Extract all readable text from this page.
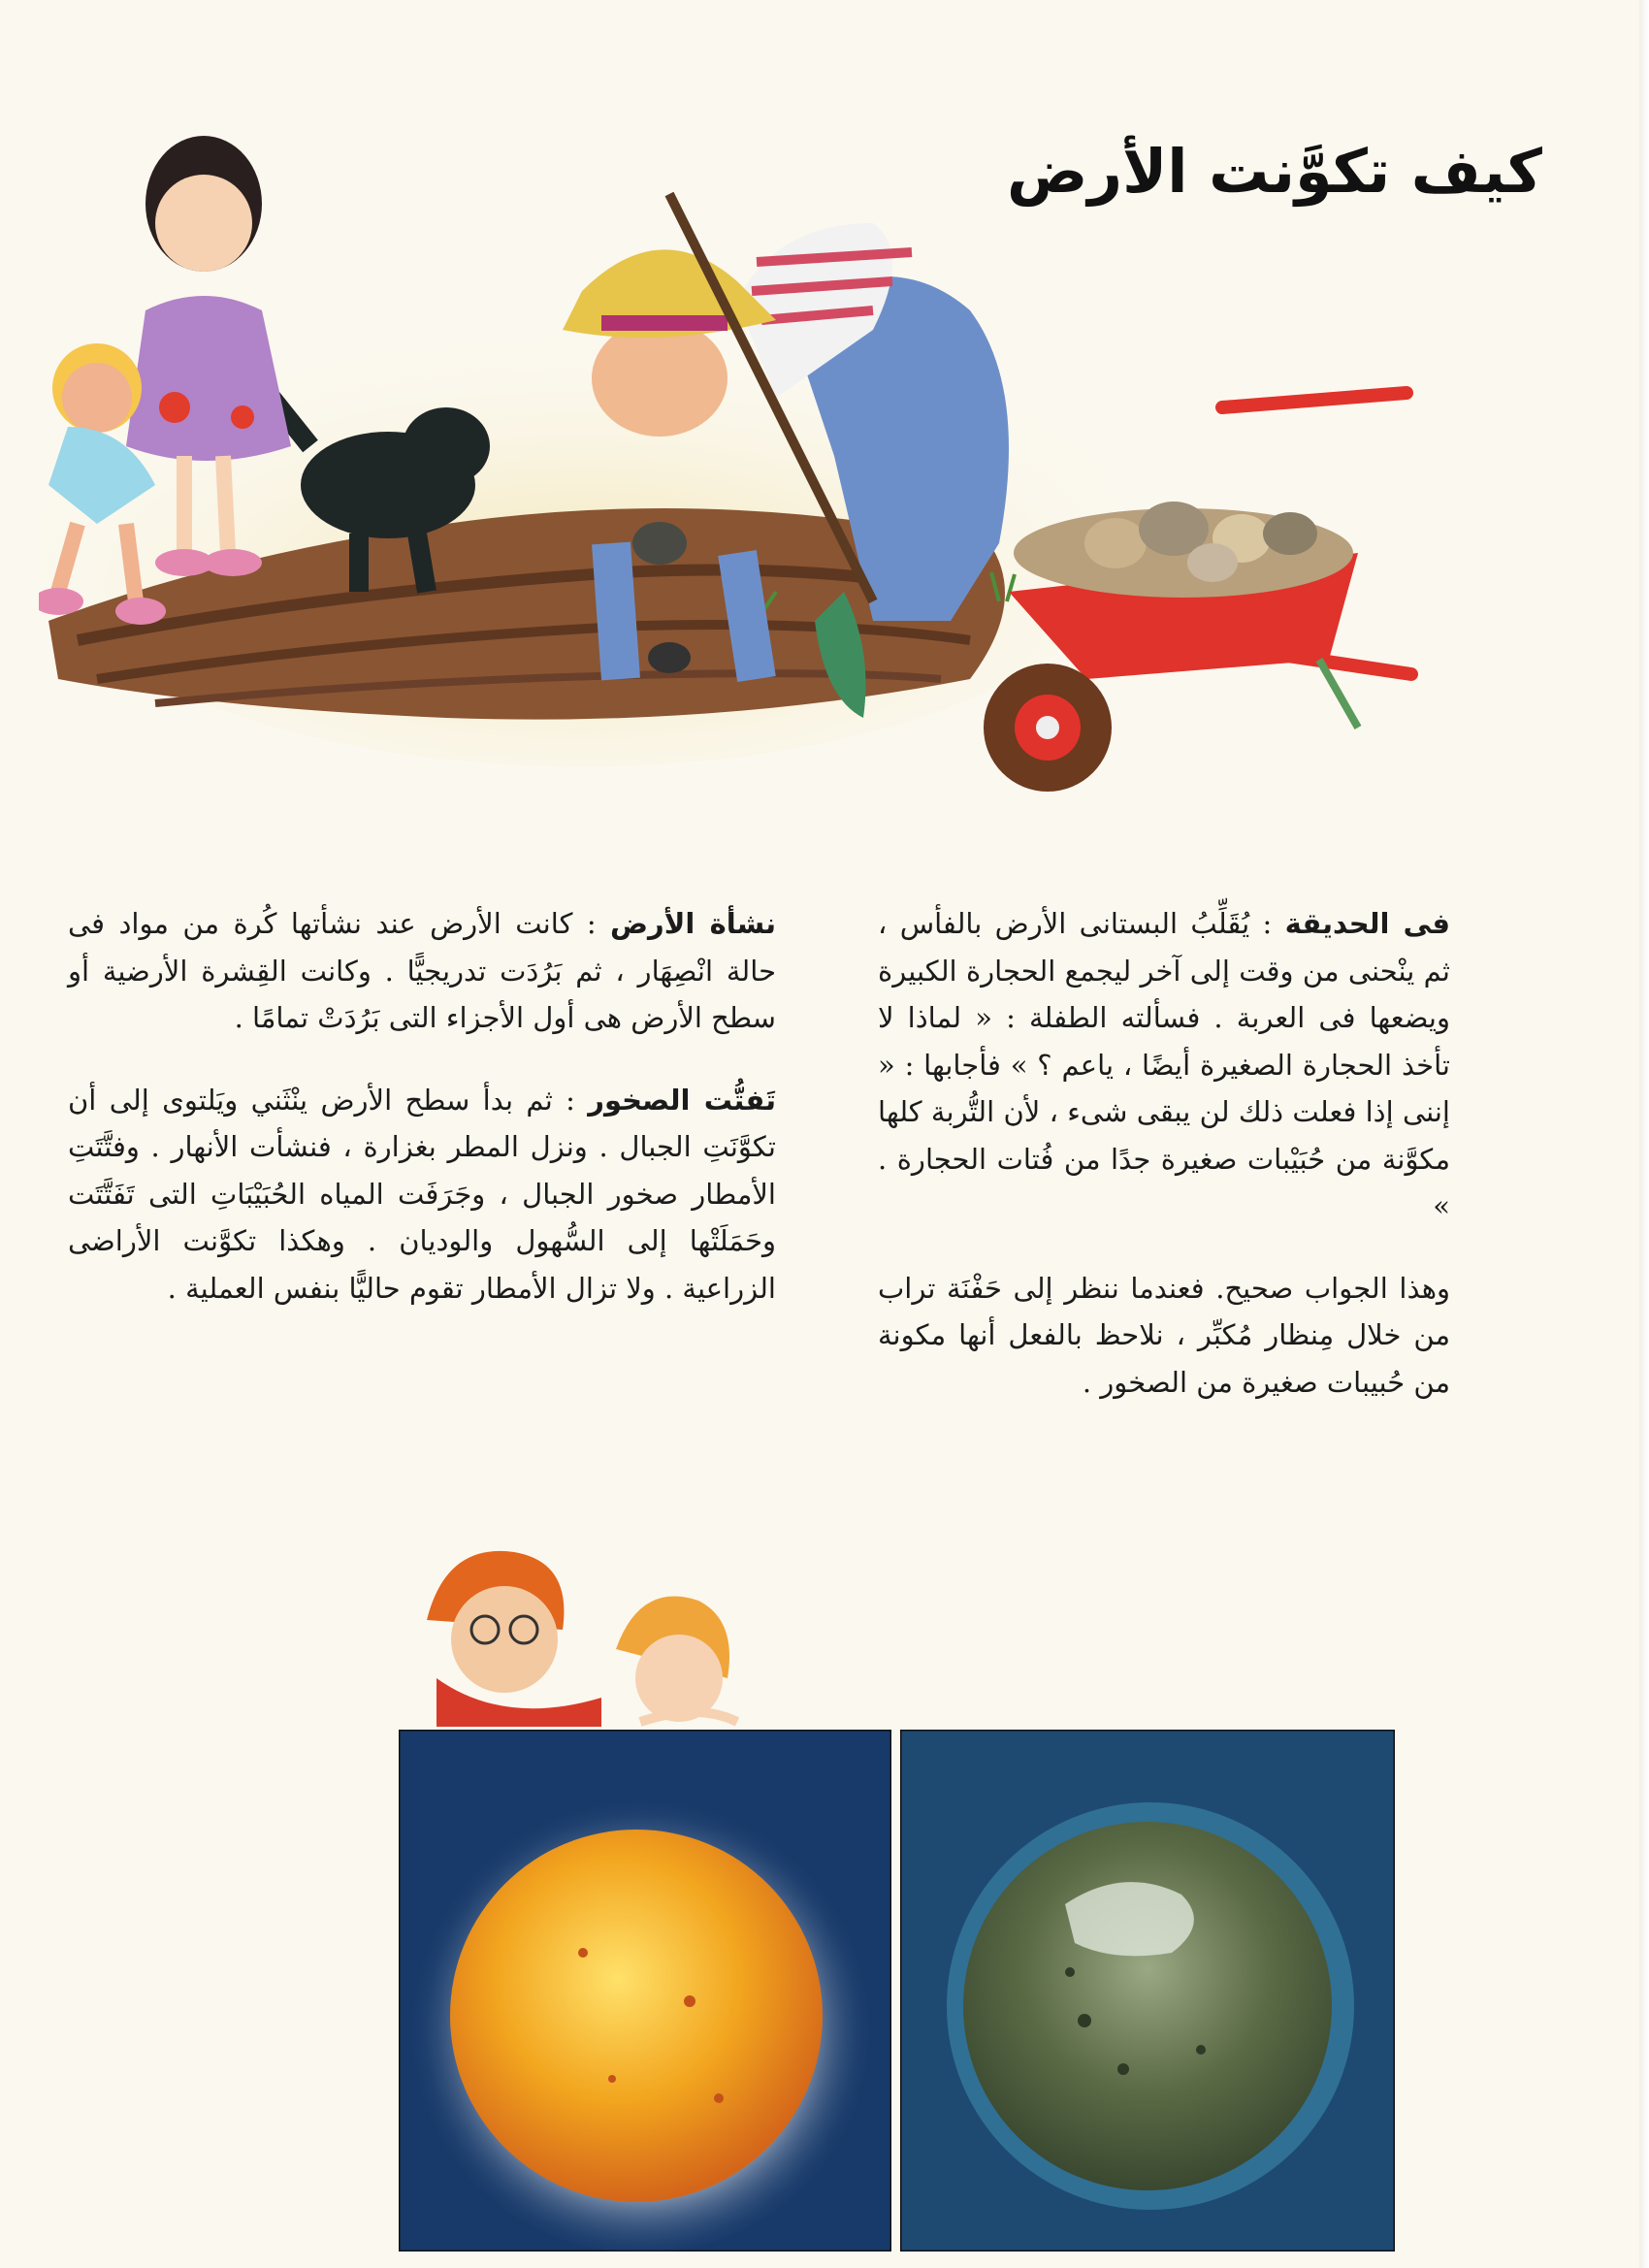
كيف تكوَّنت الأرض

فى الحديقة : يُقَلِّبُ البستانى الأرض بالفأس ، ثم ينْحنى من وقت إلى آخر ليجمع الحجارة الكبيرة ويضعها فى العربة . فسألته الطفلة : « لماذا لا تأخذ الحجارة الصغيرة أيضًا ، ياعم ؟ » فأجابها : « إننى إذا فعلت ذلك لن يبقى شىء ، لأن التُّربة كلها مكوَّنة من حُبَيْبات صغيرة جدًا من فُتات الحجارة . »

وهذا الجواب صحيح. فعندما ننظر إلى حَفْنَة تراب من خلال مِنظار مُكبِّر ، نلاحظ بالفعل أنها مكونة من حُبيبات صغيرة من الصخور .

نشأة الأرض : كانت الأرض عند نشأتها كُرة من مواد فى حالة انْصِهَار ، ثم بَرُدَت تدريجيًّا . وكانت القِشرة الأرضية أو سطح الأرض هى أول الأجزاء التى بَرُدَتْ تمامًا .

تَفتُّت الصخور : ثم بدأ سطح الأرض ينْثَني ويَلتوى إلى أن تكوَّنَتِ الجبال . ونزل المطر بغزارة ، فنشأت الأنهار . وفتَّتَتِ الأمطار صخور الجبال ، وجَرَفَت المياه الحُبَيْبَاتِ التى تَفَتَّتَت وحَمَلَتْها إلى السُّهول والوديان . وهكذا تكوَّنت الأراضى الزراعية . ولا تزال الأمطار تقوم حاليًّا بنفس العملية .
